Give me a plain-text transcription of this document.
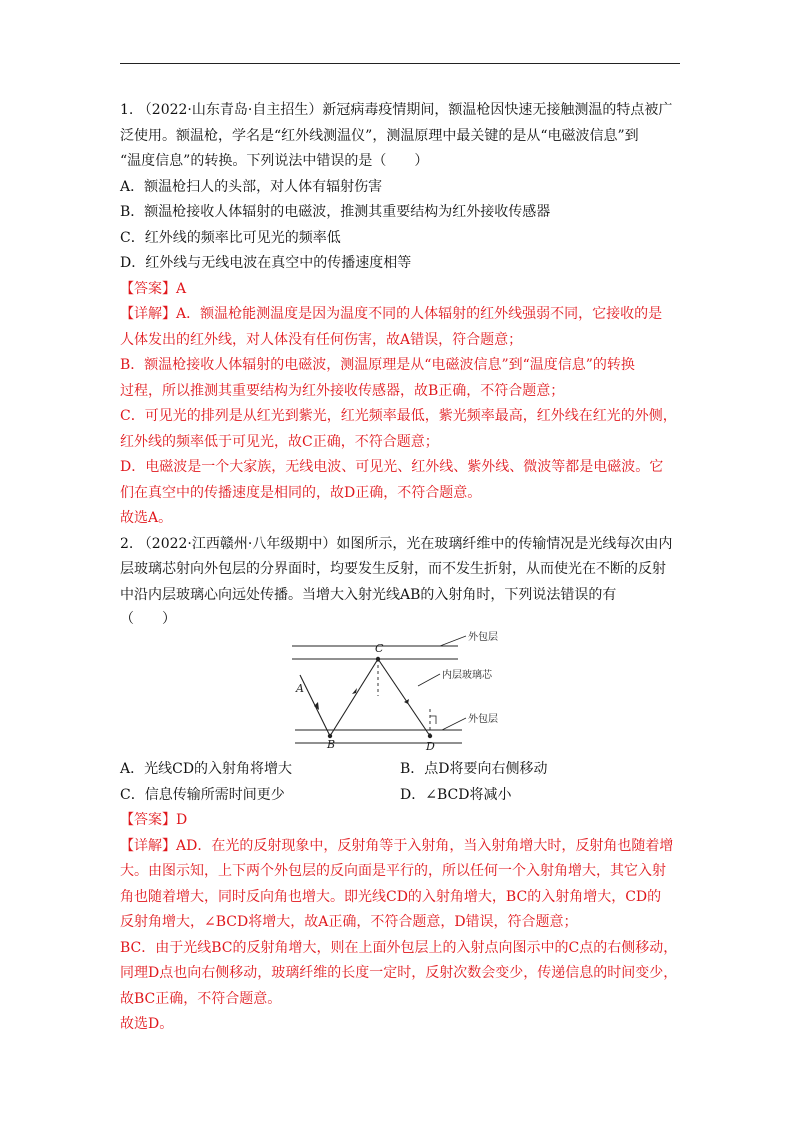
1. （2022·山东青岛·自主招生）新冠病毒疫情期间，额温枪因快速无接触测温的特点被广
泛使用。额温枪，学名是“红外线测温仪”，测温原理中最关键的是从“电磁波信息”到
“温度信息”的转换。下列说法中错误的是（　　）
A．额温枪扫人的头部，对人体有辐射伤害
B．额温枪接收人体辐射的电磁波，推测其重要结构为红外接收传感器
C．红外线的频率比可见光的频率低
D．红外线与无线电波在真空中的传播速度相等
【答案】A
【详解】A．额温枪能测温度是因为温度不同的人体辐射的红外线强弱不同，它接收的是
人体发出的红外线，对人体没有任何伤害，故A错误，符合题意；
B．额温枪接收人体辐射的电磁波，测温原理是从“电磁波信息”到“温度信息”的转换
过程，所以推测其重要结构为红外接收传感器，故B正确，不符合题意；
C．可见光的排列是从红光到紫光，红光频率最低，紫光频率最高，红外线在红光的外侧，
红外线的频率低于可见光，故C正确，不符合题意；
D．电磁波是一个大家族，无线电波、可见光、红外线、紫外线、微波等都是电磁波。它
们在真空中的传播速度是相同的，故D正确，不符合题意。
故选A。
2. （2022·江西赣州·八年级期中）如图所示，光在玻璃纤维中的传输情况是光线每次由内
层玻璃芯射向外包层的分界面时，均要发生反射，而不发生折射，从而使光在不断的反射
中沿内层玻璃心向远处传播。当增大入射光线AB的入射角时，下列说法错误的有
（　　）
外包层
内层玻璃芯
外包层
A
B
C
D
A．光线CD的入射角将增大	B．点D将要向右侧移动
C．信息传输所需时间更少	D．∠BCD将减小
【答案】D
【详解】AD．在光的反射现象中，反射角等于入射角，当入射角增大时，反射角也随着增
大。由图示知，上下两个外包层的反向面是平行的，所以任何一个入射角增大，其它入射
角也随着增大，同时反向角也增大。即光线CD的入射角增大，BC的入射角增大，CD的
反射角增大，∠BCD将增大，故A正确，不符合题意，D错误，符合题意；
BC．由于光线BC的反射角增大，则在上面外包层上的入射点向图示中的C点的右侧移动，
同理D点也向右侧移动，玻璃纤维的长度一定时，反射次数会变少，传递信息的时间变少，
故BC正确，不符合题意。
故选D。
